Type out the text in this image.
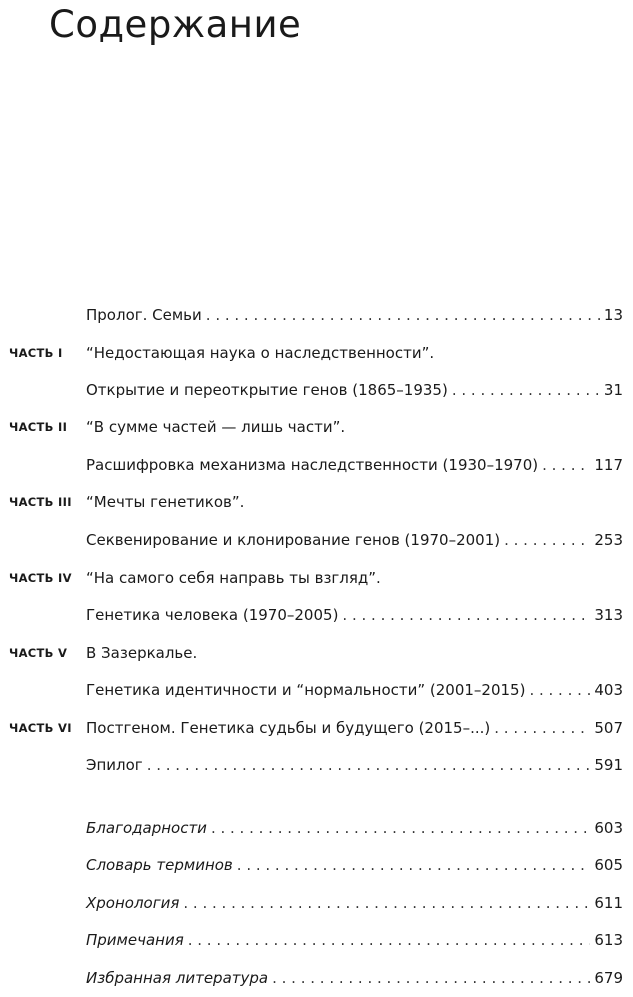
Содержание
Пролог. Семьи . . .	13
ЧАСТЬ I “Недостающая наука о наследственности”.
Открытие и переоткрытие генов (1865–1935) . . .	31
ЧАСТЬ II “В сумме частей — лишь части”.
Расшифровка механизма наследственности (1930–1970) . . .	117
ЧАСТЬ III “Мечты генетиков”.
Секвенирование и клонирование генов (1970–2001) . . .	253
ЧАСТЬ IV “На самого себя направь ты взгляд”.
Генетика человека (1970–2005) . . .	313
ЧАСТЬ V В Зазеркалье.
Генетика идентичности и “нормальности” (2001–2015) . . .	403
ЧАСТЬ VI Постгеном. Генетика судьбы и будущего (2015–...) . . .	507
Эпилог . . .	591
Благодарности . . .	603
Словарь терминов . . .	605
Хронология . . .	611
Примечания . . .	613
Избранная литература . . .	679
